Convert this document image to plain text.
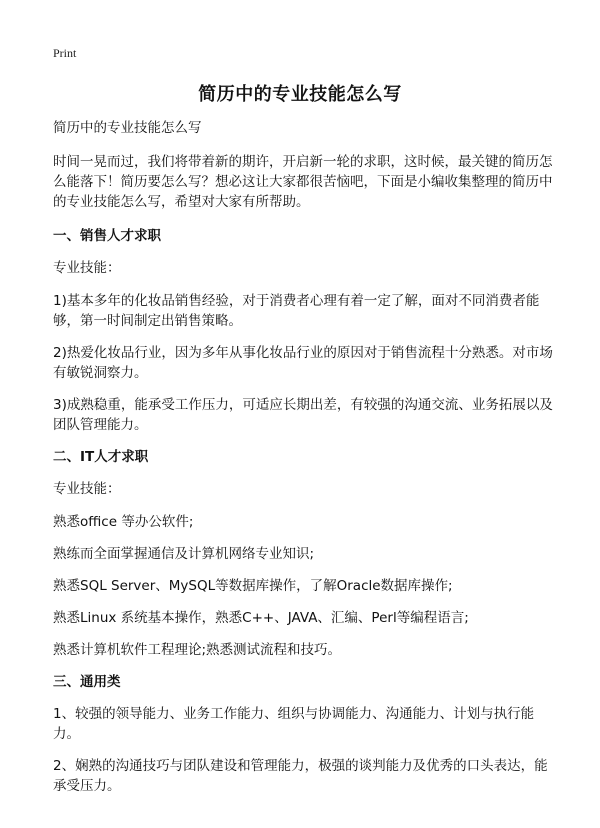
Print
简历中的专业技能怎么写

简历中的专业技能怎么写

时间一晃而过，我们将带着新的期许，开启新一轮的求职，这时候，最关键的简历怎么能落下！简历要怎么写？想必这让大家都很苦恼吧，下面是小编收集整理的简历中的专业技能怎么写，希望对大家有所帮助。

一、销售人才求职

专业技能：

1)基本多年的化妆品销售经验，对于消费者心理有着一定了解，面对不同消费者能够，第一时间制定出销售策略。

2)热爱化妆品行业，因为多年从事化妆品行业的原因对于销售流程十分熟悉。对市场有敏锐洞察力。

3)成熟稳重，能承受工作压力，可适应长期出差，有较强的沟通交流、业务拓展以及团队管理能力。

二、IT人才求职

专业技能：

熟悉office 等办公软件;

熟练而全面掌握通信及计算机网络专业知识;

熟悉SQL Server、MySQL等数据库操作，了解Oracle数据库操作;

熟悉Linux 系统基本操作，熟悉C++、JAVA、汇编、Perl等编程语言;

熟悉计算机软件工程理论;熟悉测试流程和技巧。

三、通用类

1、较强的领导能力、业务工作能力、组织与协调能力、沟通能力、计划与执行能力。

2、娴熟的沟通技巧与团队建设和管理能力，极强的谈判能力及优秀的口头表达，能承受压力。
